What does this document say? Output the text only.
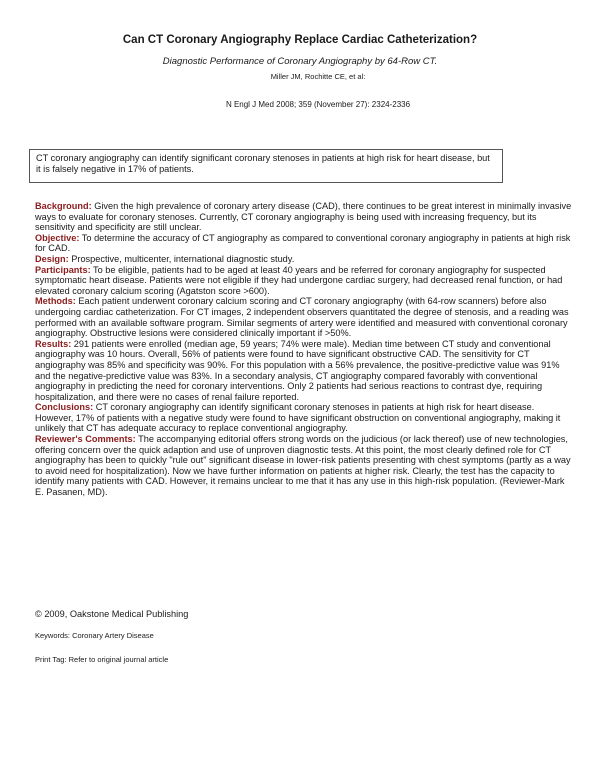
Can CT Coronary Angiography Replace Cardiac Catheterization?
Diagnostic Performance of Coronary Angiography by 64-Row CT.
Miller JM, Rochitte CE, et al:
N Engl J Med 2008; 359 (November 27): 2324-2336
CT coronary angiography can identify significant coronary stenoses in patients at high risk for heart disease, but it is falsely negative in 17% of patients.

Background: Given the high prevalence of coronary artery disease (CAD), there continues to be great interest in minimally invasive ways to evaluate for coronary stenoses. Currently, CT coronary angiography is being used with increasing frequency, but its sensitivity and specificity are still unclear.

Objective: To determine the accuracy of CT angiography as compared to conventional coronary angiography in patients at high risk for CAD.

Design: Prospective, multicenter, international diagnostic study.

Participants: To be eligible, patients had to be aged at least 40 years and be referred for coronary angiography for suspected symptomatic heart disease. Patients were not eligible if they had undergone cardiac surgery, had decreased renal function, or had elevated coronary calcium scoring (Agatston score >600).

Methods: Each patient underwent coronary calcium scoring and CT coronary angiography (with 64-row scanners) before also undergoing cardiac catheterization. For CT images, 2 independent observers quantitated the degree of stenosis, and a reading was performed with an available software program. Similar segments of artery were identified and measured with conventional coronary angiography. Obstructive lesions were considered clinically important if >50%.

Results: 291 patients were enrolled (median age, 59 years; 74% were male). Median time between CT study and conventional angiography was 10 hours. Overall, 56% of patients were found to have significant obstructive CAD. The sensitivity for CT angiography was 85% and specificity was 90%. For this population with a 56% prevalence, the positive-predictive value was 91% and the negative-predictive value was 83%. In a secondary analysis, CT angiography compared favorably with conventional angiography in predicting the need for coronary interventions. Only 2 patients had serious reactions to contrast dye, requiring hospitalization, and there were no cases of renal failure reported.

Conclusions: CT coronary angiography can identify significant coronary stenoses in patients at high risk for heart disease. However, 17% of patients with a negative study were found to have significant obstruction on conventional angiography, making it unlikely that CT has adequate accuracy to replace conventional angiography.

Reviewer's Comments: The accompanying editorial offers strong words on the judicious (or lack thereof) use of new technologies, offering concern over the quick adaption and use of unproven diagnostic tests. At this point, the most clearly defined role for CT angiography has been to quickly "rule out" significant disease in lower-risk patients presenting with chest symptoms (partly as a way to avoid need for hospitalization). Now we have further information on patients at higher risk. Clearly, the test has the capacity to identify many patients with CAD. However, it remains unclear to me that it has any use in this high-risk population. (Reviewer-Mark E. Pasanen, MD).

© 2009, Oakstone Medical Publishing
Keywords: Coronary Artery Disease
Print Tag: Refer to original journal article
